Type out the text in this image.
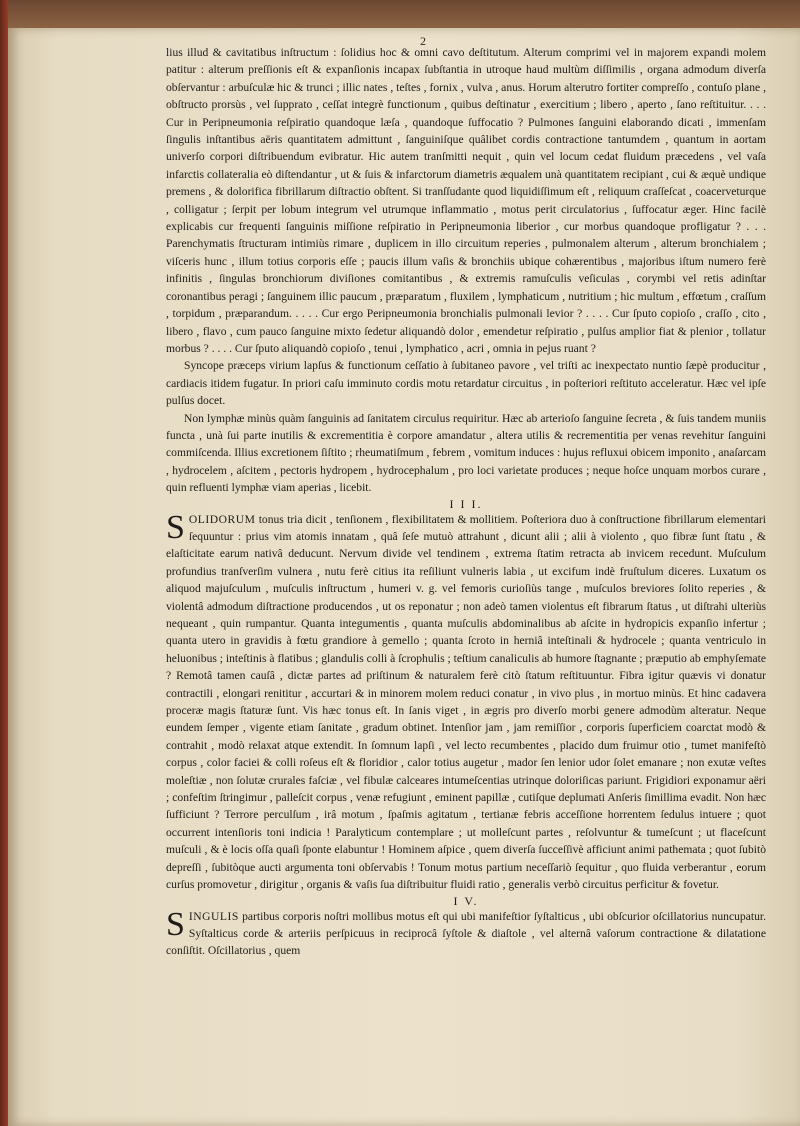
2

lius illud & cavitatibus inſtructum : ſolidius hoc & omni cavo deſtitutum. Alterum comprimi vel in majorem expandi molem patitur : alterum preſſionis eſt & expanſionis incapax ſubſtantia in utroque haud multùm diſſimilis , organa admodum diverſa obſervantur : arbuſculæ hic & trunci ; illic nates , teſtes , fornix , vulva , anus. Horum alterutro fortiter compreſſo , contuſo plane , obſtructo prorsùs , vel ſupprato , ceſſat integrè functionum , quibus deſtinatur , exercitium ; libero , aperto , ſano reſtituitur. . . . Cur in Peripneumonia reſpiratio quandoque læſa , quandoque ſuffocatio ? Pulmones ſanguini elaborando dicati , immenſam ſingulis inſtantibus aëris quantitatem admittunt , ſanguiniſque quâlibet cordis contractione tantumdem , quantum in aortam univerſo corpori diſtribuendum evibratur. Hic autem tranſmitti nequit , quin vel locum cedat fluidum præcedens , vel vaſa infarctis collateralia eò diſtendantur , ut & ſuis & infarctorum diametris æqualem unà quantitatem recipiant , cui & æquè undique premens , & dolorifica fibrillarum diſtractio obſtent. Si tranſſudante quod liquidiſſimum eſt , reliquum craſſeſcat , coacerveturque , colligatur ; ſerpit per lobum integrum vel utrumque inflammatio , motus perit circulatorius , ſuffocatur æger. Hinc facilè explicabis cur frequenti ſanguinis miſſione reſpiratio in Peripneumonia liberior , cur morbus quandoque profligatur ? . . . Parenchymatis ſtructuram intimiùs rimare , duplicem in illo circuitum reperies , pulmonalem alterum , alterum bronchialem ; viſceris hunc , illum totius corporis eſſe ; paucis illum vaſis & bronchiis ubique cohærentibus , majoribus iſtum numero ferè infinitis , ſingulas bronchiorum diviſiones comitantibus , & extremis ramuſculis veſiculas , corymbi vel retis adinſtar coronantibus peragi ; ſanguinem illic paucum , præparatum , fluxilem , lymphaticum , nutritium ; hic multum , effœtum , craſſum , torpidum , præparandum. . . . . Cur ergo Peripneumonia bronchialis pulmonali levior ? . . . . Cur ſputo copioſo , craſſo , cito , libero , flavo , cum pauco ſanguine mixto ſedetur aliquandò dolor , emendetur reſpiratio , pulſus amplior fiat & plenior , tollatur morbus ? . . . . Cur ſputo aliquandò copioſo , tenui , lymphatico , acri , omnia in pejus ruant ?

Syncope præceps virium lapſus & functionum ceſſatio à ſubitaneo pavore , vel triſti ac inexpectato nuntio ſæpè producitur , cardiacis itidem fugatur. In priori caſu imminuto cordis motu retardatur circuitus , in poſteriori reſtituto acceleratur. Hæc vel ipſe pulſus docet.

Non lymphæ minùs quàm ſanguinis ad ſanitatem circulus requiritur. Hæc ab arterioſo ſanguine ſecreta , & ſuis tandem muniis functa , unà ſui parte inutilis & excrementitia è corpore amandatur , altera utilis & recrementitia per venas revehitur ſanguini commiſcenda. Illius excretionem ſiſtito ; rheumatiſmum , febrem , vomitum induces : hujus refluxui obicem imponito , anaſarcam , hydrocelem , aſcitem , pectoris hydropem , hydrocephalum , pro loci varietate produces ; neque hoſce unquam morbos curare , quin refluenti lymphæ viam aperias , licebit.

I I I.

SOLIDORUM tonus tria dicit , tenſionem , flexibilitatem & mollitiem. Poſteriora duo à conſtructione fibrillarum elementari ſequuntur : prius vim atomis innatam , quâ ſeſe mutuò attrahunt , dicunt alii ; alii à violento , quo fibræ ſunt ſtatu , & elaſticitate earum nativâ deducunt. Nervum divide vel tendinem , extrema ſtatim retracta ab invicem recedunt. Muſculum profundius tranſverſim vulnera , nutu ferè citius ita reſiliunt vulneris labia , ut excifum indè fruſtulum diceres. Luxatum os aliquod majuſculum , muſculis inſtructum , humeri v. g. vel femoris curioſiùs tange , muſculos breviores ſolito reperies , & violentâ admodum diſtractione producendos , ut os reponatur ; non adeò tamen violentus eſt fibrarum ſtatus , ut diſtrahi ulteriùs nequeant , quin rumpantur. Quanta integumentis , quanta muſculis abdominalibus ab aſcite in hydropicis expanſio infertur ; quanta utero in gravidis à fœtu grandiore à gemello ; quanta ſcroto in herniâ inteſtinali & hydrocele ; quanta ventriculo in heluonibus ; inteſtinis à flatibus ; glandulis colli à ſcrophulis ; teſtium canaliculis ab humore ſtagnante ; præputio ab emphyſemate ? Remotâ tamen cauſâ , dictæ partes ad priſtinum & naturalem ferè citò ſtatum reſtituuntur. Fibra igitur quævis vi donatur contractili , elongari renititur , accurtari & in minorem molem reduci conatur , in vivo plus , in mortuo minùs. Et hinc cadavera proceræ magis ſtaturæ ſunt. Vis hæc tonus eſt. In ſanis viget , in ægris pro diverſo morbi genere admodùm alteratur. Neque eundem ſemper , vigente etiam ſanitate , gradum obtinet. Intenſior jam , jam remiſſior , corporis ſuperficiem coarctat modò & contrahit , modò relaxat atque extendit. In ſomnum lapſi , vel lecto recumbentes , placido dum fruimur otio , tumet manifeſtò corpus , color faciei & colli roſeus eſt & floridior , calor totius augetur , mador ſen lenior udor ſolet emanare ; non exutæ veſtes moleſtiæ , non ſolutæ crurales faſciæ , vel fibulæ calceares intumeſcentias utrinque doloriſicas pariunt. Frigidiori exponamur aëri ; confeſtim ſtringimur , palleſcit corpus , venæ refugiunt , eminent papillæ , cutiſque deplumati Anſeris ſimillima evadit. Non hæc ſufficiunt ? Terrore perculſum , irâ motum , ſpaſmis agitatum , tertianæ febris acceſſione horrentem ſedulus intuere ; quot occurrent intenſioris toni indicia ! Paralyticum contemplare ; ut molleſcunt partes , reſolvuntur & tumeſcunt ; ut flaceſcunt muſculi , & è locis oſſa quaſi ſponte elabuntur ! Hominem aſpice , quem diverſa ſucceſſivè afficiunt animi pathemata ; quot ſubitò depreſſi , ſubitòque aucti argumenta toni obſervabis ! Tonum motus partium neceſſariò ſequitur , quo fluida verberantur , eorum curſus promovetur , dirigitur , organis & vaſis ſua diſtribuitur fluidi ratio , generalis verbò circuitus perficitur & fovetur.

I V.

SINGULIS partibus corporis noſtri mollibus motus eſt qui ubi manifeſtior ſyſtalticus , ubi obſcurior oſcillatorius nuncupatur. Syſtalticus corde & arteriis perſpicuus in reciprocâ ſyſtole & diaſtole , vel alternâ vaſorum contractione & dilatatione conſiſtit. Oſcillatorius , quem
